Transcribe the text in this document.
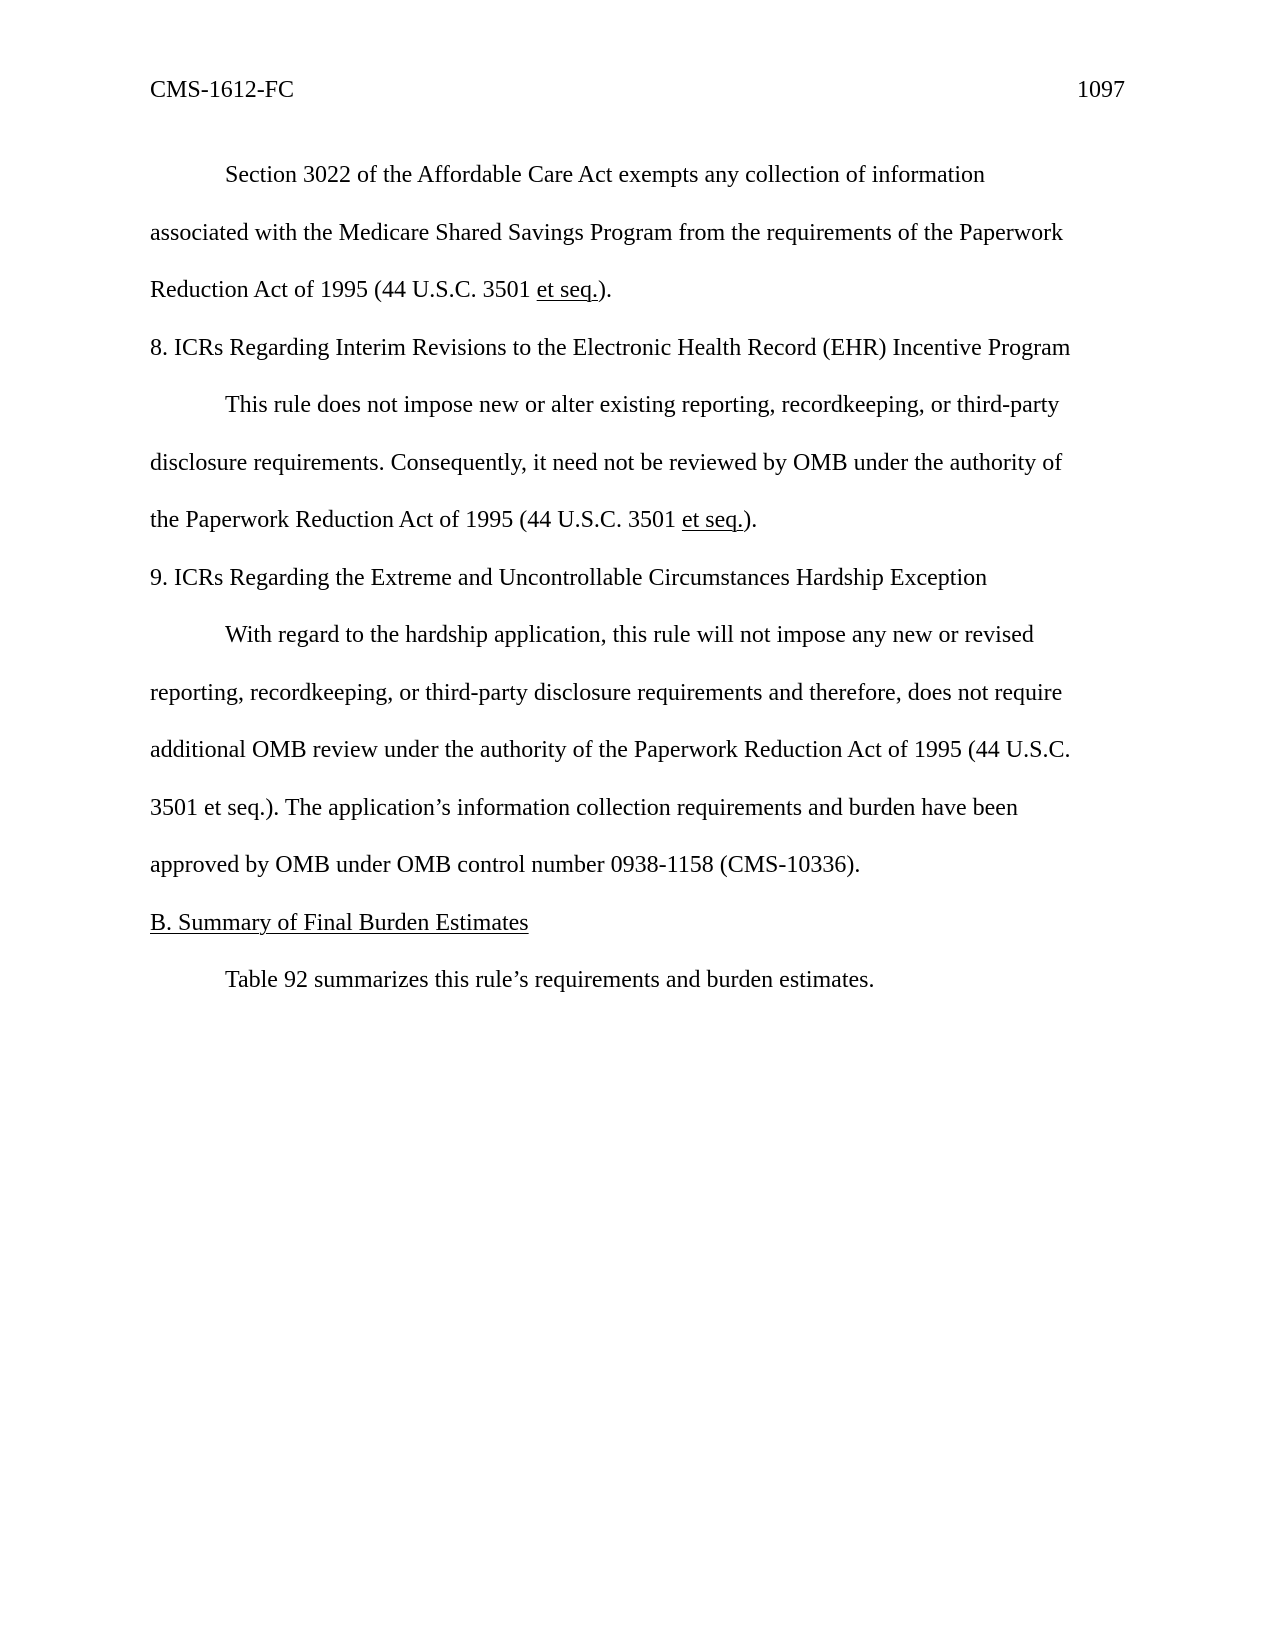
CMS-1612-FC	1097
Section 3022 of the Affordable Care Act exempts any collection of information
associated with the Medicare Shared Savings Program from the requirements of the Paperwork
Reduction Act of 1995 (44 U.S.C. 3501 et seq.).
8. ICRs Regarding Interim Revisions to the Electronic Health Record (EHR) Incentive Program
This rule does not impose new or alter existing reporting, recordkeeping, or third-party
disclosure requirements. Consequently, it need not be reviewed by OMB under the authority of
the Paperwork Reduction Act of 1995 (44 U.S.C. 3501 et seq.).
9. ICRs Regarding the Extreme and Uncontrollable Circumstances Hardship Exception
With regard to the hardship application, this rule will not impose any new or revised
reporting, recordkeeping, or third-party disclosure requirements and therefore, does not require
additional OMB review under the authority of the Paperwork Reduction Act of 1995 (44 U.S.C.
3501 et seq.). The application’s information collection requirements and burden have been
approved by OMB under OMB control number 0938-1158 (CMS-10336).
B. Summary of Final Burden Estimates
Table 92 summarizes this rule’s requirements and burden estimates.
